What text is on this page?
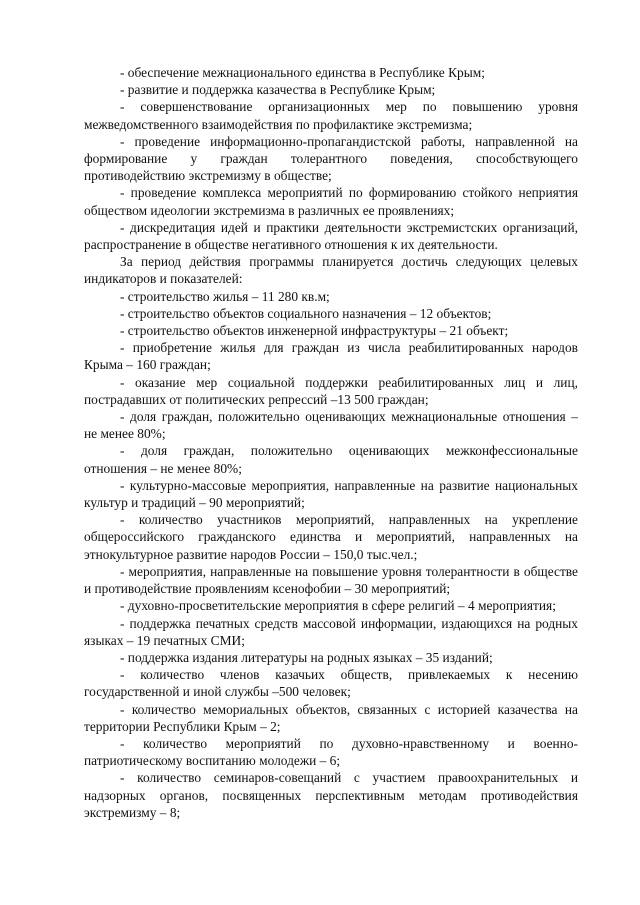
- обеспечение межнационального единства в Республике Крым;

- развитие и поддержка казачества в Республике Крым;

- совершенствование организационных мер по повышению уровня межведомственного взаимодействия по профилактике экстремизма;

- проведение информационно-пропагандистской работы, направленной на формирование у граждан толерантного поведения, способствующего противодействию экстремизму в обществе;

- проведение комплекса мероприятий по формированию стойкого неприятия обществом идеологии экстремизма в различных ее проявлениях;

- дискредитация идей и практики деятельности экстремистских организаций, распространение в обществе негативного отношения к их деятельности.

За период действия программы планируется достичь следующих целевых индикаторов и показателей:

- строительство жилья – 11 280 кв.м;

- строительство объектов социального назначения – 12 объектов;

- строительство объектов инженерной инфраструктуры – 21 объект;

- приобретение жилья для граждан из числа реабилитированных народов Крыма – 160 граждан;

- оказание мер социальной поддержки реабилитированных лиц и лиц, пострадавших от политических репрессий –13 500 граждан;

- доля граждан, положительно оценивающих межнациональные отношения – не менее 80%;

- доля граждан, положительно оценивающих межконфессиональные отношения – не менее 80%;

- культурно-массовые мероприятия, направленные на развитие национальных культур и традиций – 90 мероприятий;

- количество участников мероприятий, направленных на укрепление общероссийского гражданского единства и мероприятий, направленных на этнокультурное развитие народов России – 150,0 тыс.чел.;

- мероприятия, направленные на повышение уровня толерантности в обществе и противодействие проявлениям ксенофобии – 30 мероприятий;

- духовно-просветительские мероприятия в сфере религий – 4 мероприятия;

- поддержка печатных средств массовой информации, издающихся на родных языках – 19 печатных СМИ;

- поддержка издания литературы на родных языках – 35 изданий;

- количество членов казачьих обществ, привлекаемых к несению государственной и иной службы –500 человек;

- количество мемориальных объектов, связанных с историей казачества на территории Республики Крым – 2;

- количество мероприятий по духовно-нравственному и военно-патриотическому воспитанию молодежи – 6;

- количество семинаров-совещаний с участием правоохранительных и надзорных органов, посвященных перспективным методам противодействия экстремизму – 8;
